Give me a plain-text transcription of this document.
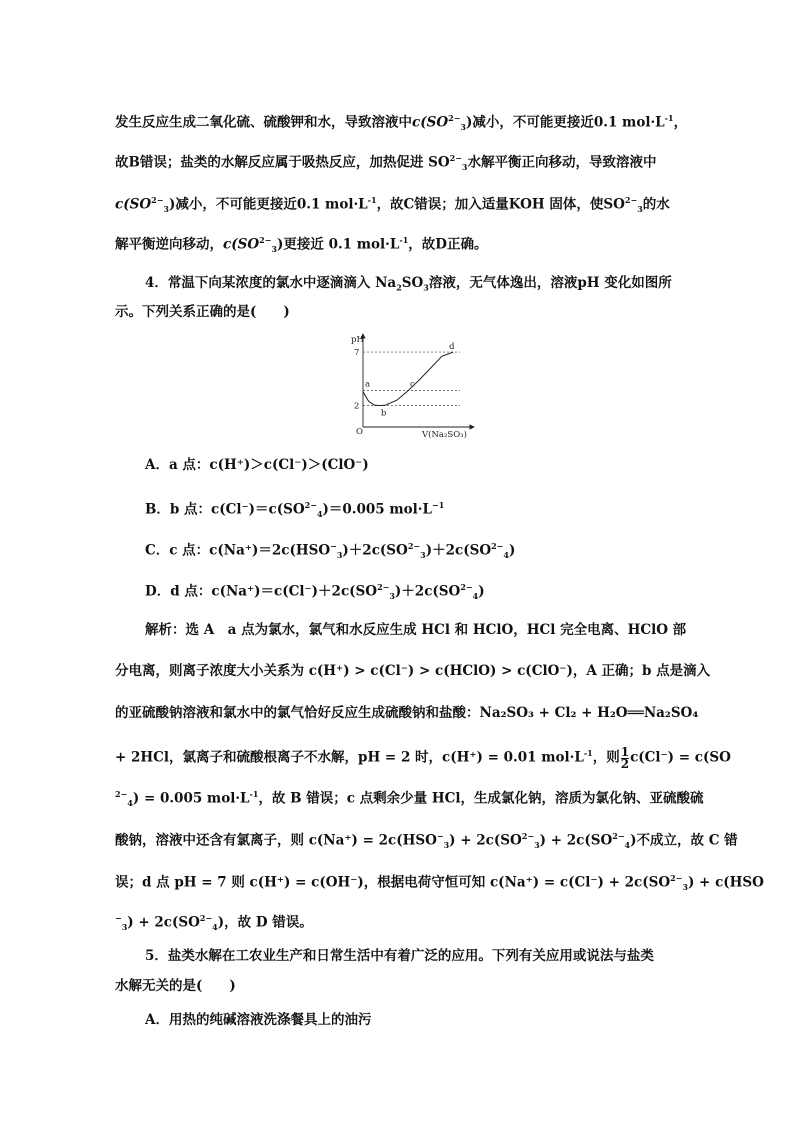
发生反应生成二氧化硫、硫酸钾和水，导致溶液中$c(SO^{2-}_3)$减小，不可能更接近0.1 $mol\cdot L^{-1}$，
故B错误；盐类的水解反应属于吸热反应，加热促进 $SO^{2-}_3$水解平衡正向移动，导致溶液中
$c(SO^{2-}_3)$减小，不可能更接近0.1 $mol\cdot L^{-1}$，故C错误；加入适量KOH 固体，使$SO^{2-}_3$的水
解平衡逆向移动，$c(SO^{2-}_3)$更接近 0.1 $mol\cdot L^{-1}$，故D正确。
4．常温下向某浓度的氯水中逐滴滴入 $Na_2SO_3$溶液，无气体逸出，溶液pH 变化如图所
示。下列关系正确的是(　　)
pH
O	V(Na₂SO₃)
2
7
a
b
c
d
A．a 点：c(H⁺)＞c(Cl⁻)＞(ClO⁻)
B．b 点：$c(Cl^-)=c(SO^{2-}_4)=0.005$ $mol\cdot L^{-1}$
C．c 点：$c(Na^+)=2c(HSO^-_3)+2c(SO^{2-}_3)+2c(SO^{2-}_4)$
D．d 点：$c(Na^+)=c(Cl^-)+2c(SO^{2-}_3)+2c(SO^{2-}_4)$
解析：选 A　a 点为氯水，氯气和水反应生成 HCl 和 HClO，HCl 完全电离、HClO 部
分电离，则离子浓度大小关系为 c(H⁺) > c(Cl⁻) > c(HClO) > c(ClO⁻)，A 正确；b 点是滴入
的亚硫酸钠溶液和氯水中的氯气恰好反应生成硫酸钠和盐酸：Na₂SO₃ + Cl₂ + H₂O══Na₂SO₄
+ 2HCl，氯离子和硫酸根离子不水解，pH = 2 时，c(H⁺) = 0.01 $mol\cdot L^{-1}$，则 $\frac{1}{2} c(Cl^-) = c(SO$
$^{2-}_4$) = 0.005 $mol\cdot L^{-1}$，故 B 错误；c 点剩余少量 HCl，生成氯化钠，溶质为氯化钠、亚硫酸硫
酸钠，溶液中还含有氯离子，则 $c(Na^+) = 2c(HSO^-_3) + 2c(SO^{2-}_3) + 2c(SO^{2-}_4)$不成立，故 C 错
误；d 点 pH = 7 则 c(H⁺) = c(OH⁻)，根据电荷守恒可知 $c(Na^+) = c(Cl^-) + 2c(SO^{2-}_3) + c(HSO$
$^-_3) + 2c(SO^{2-}_4)$，故 D 错误。
5．盐类水解在工农业生产和日常生活中有着广泛的应用。下列有关应用或说法与盐类
水解无关的是(　　)
A．用热的纯碱溶液洗涤餐具上的油污
